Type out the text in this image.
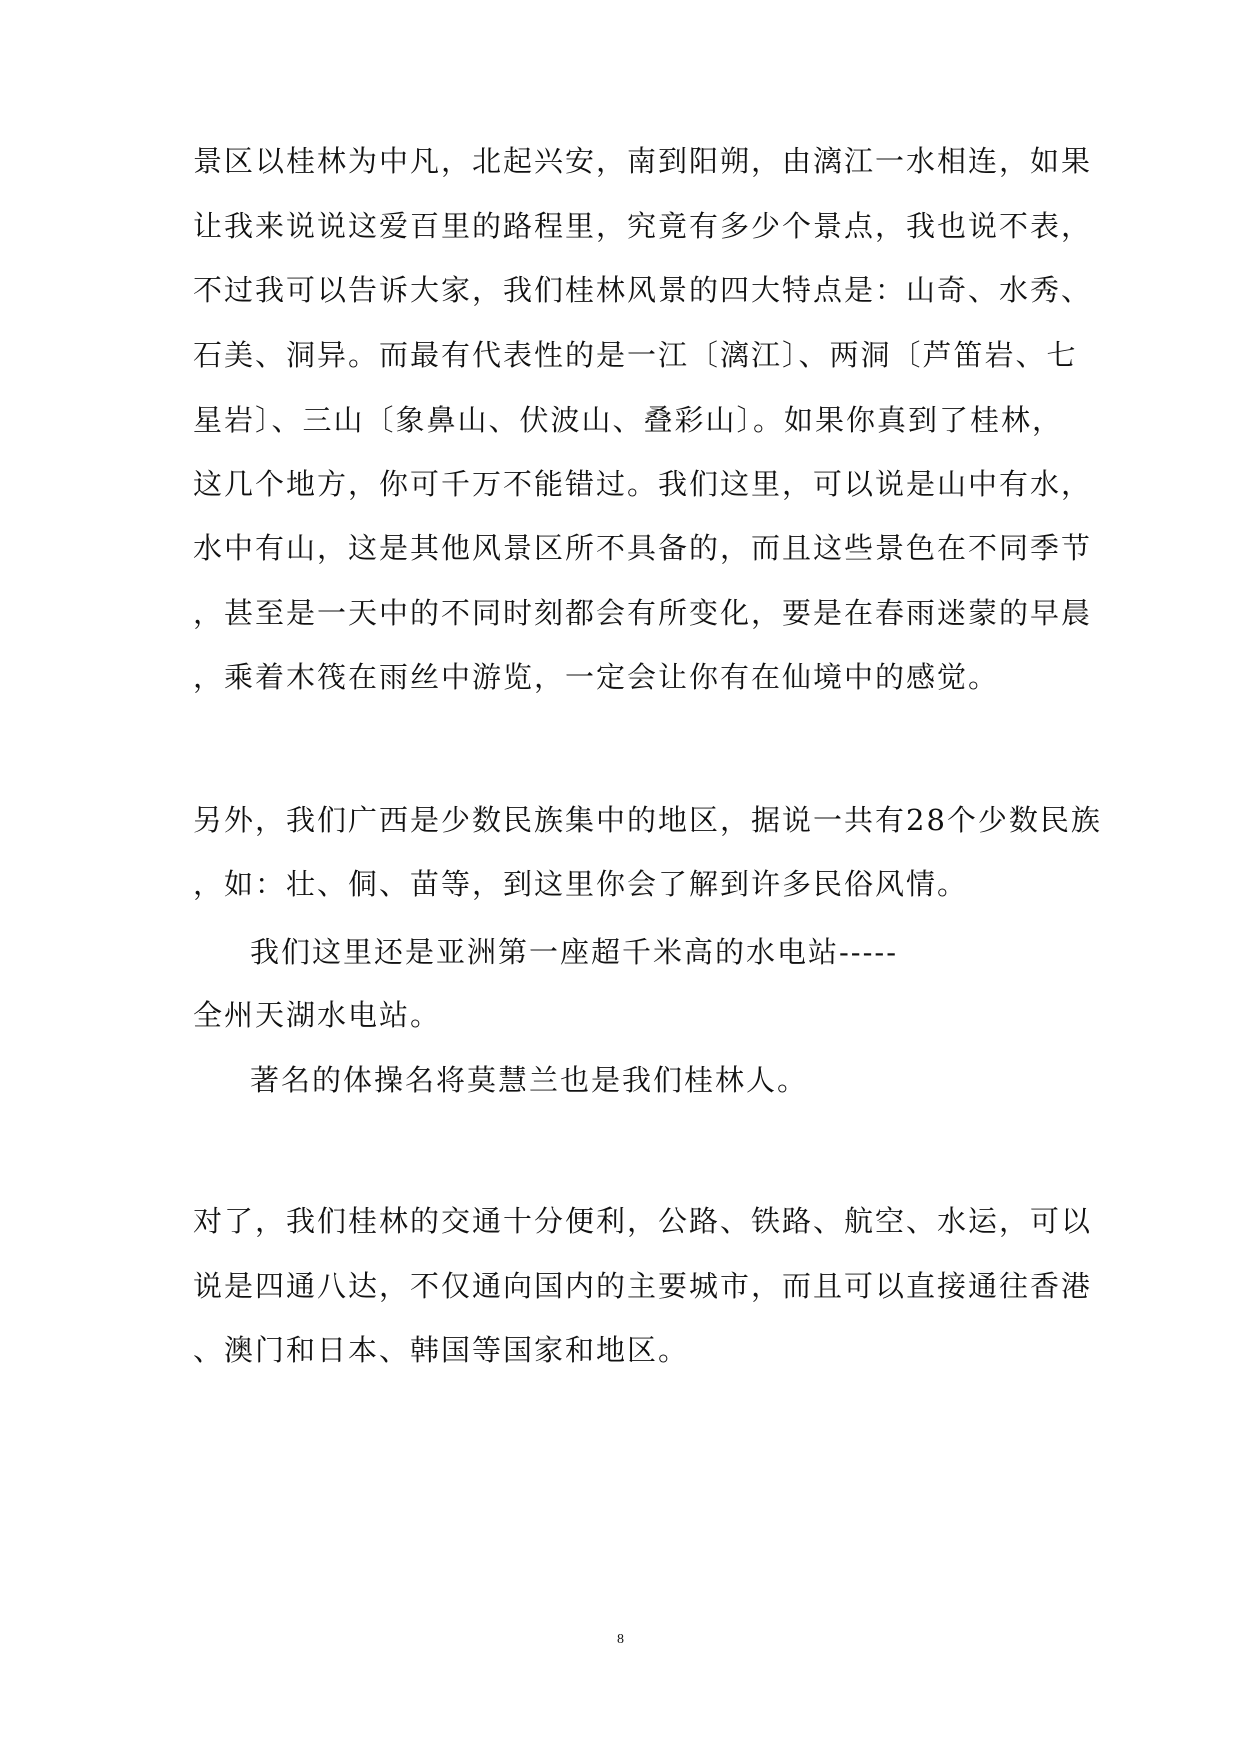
景区以桂林为中凡，北起兴安，南到阳朔，由漓江一水相连，如果
让我来说说这爱百里的路程里，究竟有多少个景点，我也说不表，
不过我可以告诉大家，我们桂林风景的四大特点是：山奇、水秀、
石美、洞异。而最有代表性的是一江〔漓江〕、两洞〔芦笛岩、七
星岩〕、三山〔象鼻山、伏波山、叠彩山〕。如果你真到了桂林，
这几个地方，你可千万不能错过。我们这里，可以说是山中有水，
水中有山，这是其他风景区所不具备的，而且这些景色在不同季节
，甚至是一天中的不同时刻都会有所变化，要是在春雨迷蒙的早晨
，乘着木筏在雨丝中游览，一定会让你有在仙境中的感觉。
另外，我们广西是少数民族集中的地区，据说一共有28个少数民族
，如：壮、侗、苗等，到这里你会了解到许多民俗风情。
我们这里还是亚洲第一座超千米高的水电站-----
全州天湖水电站。
著名的体操名将莫慧兰也是我们桂林人。
对了，我们桂林的交通十分便利，公路、铁路、航空、水运，可以
说是四通八达，不仅通向国内的主要城市，而且可以直接通往香港
、澳门和日本、韩国等国家和地区。
8
